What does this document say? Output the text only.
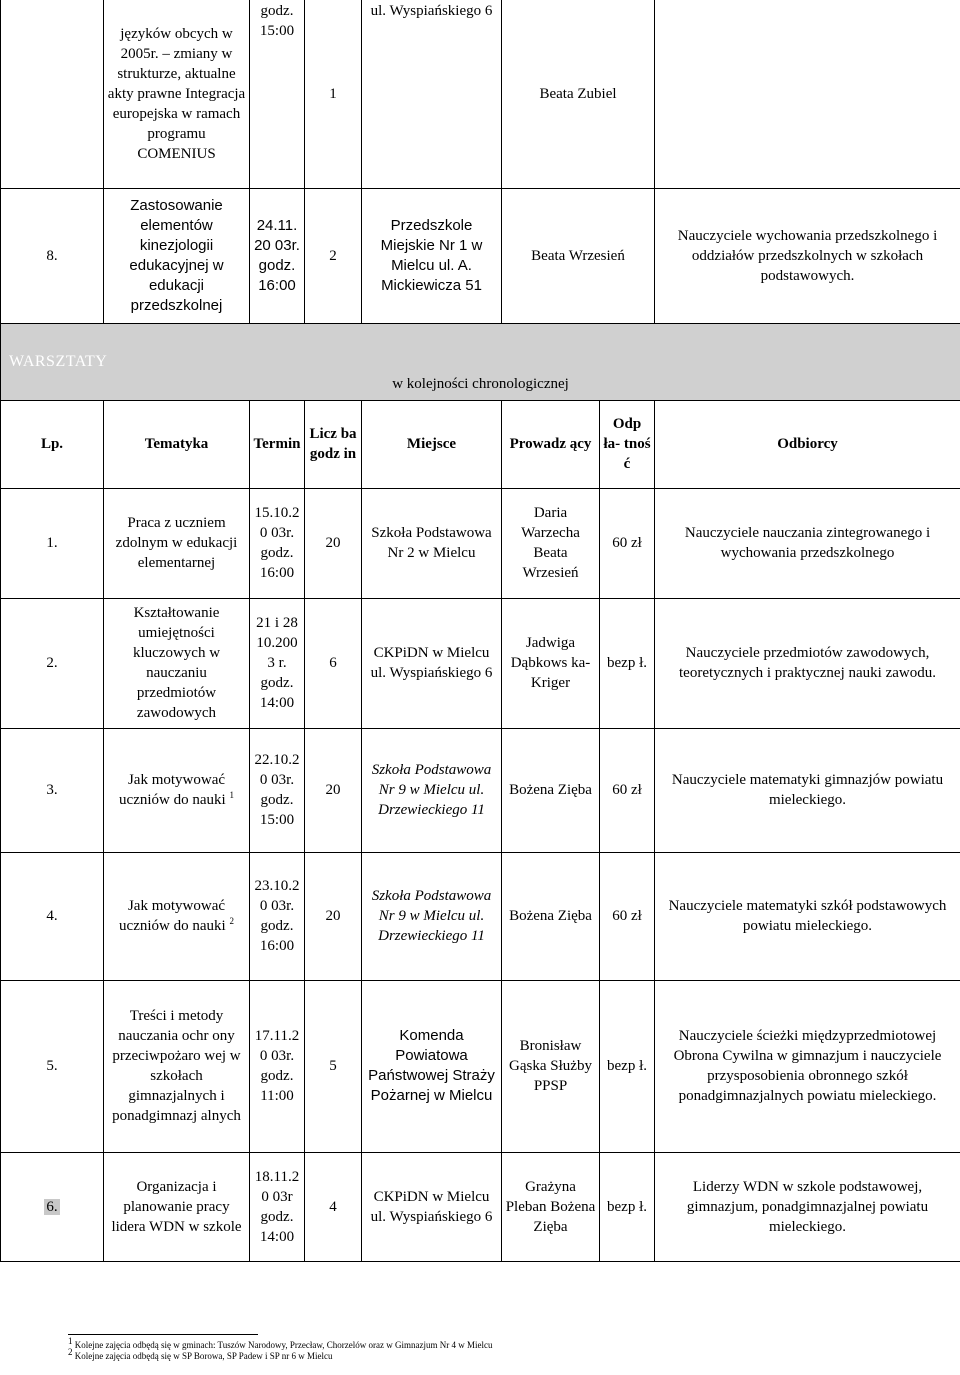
	języków obcych w 2005r. – zmiany w strukturze, aktualne akty prawne Integracja europejska w ramach programu COMENIUS	godz. 15:00	1	ul. Wyspiańskiego 6	Beata Zubiel		
8.	Zastosowanie elementów kinezjologii edukacyjnej w edukacji przedszkolnej	24.11.20 03r. godz. 16:00	2	Przedszkole Miejskie Nr 1 w Mielcu ul. A. Mickiewicza 51	Beata Wrzesień		Nauczyciele wychowania przedszkolnego i oddziałów przedszkolnych w szkołach podstawowych.

WARSZTATY
w kolejności chronologicznej							

Lp.	Tematyka	Termin	Licz ba godz in	Miejsce	Prowadz ący	Odp ła- tnoś ć	Odbiorcy
1.	Praca z uczniem zdolnym w edukacji elementarnej	15.10.20 03r. godz. 16:00	20	Szkoła Podstawowa Nr 2 w Mielcu	Daria Warzecha Beata Wrzesień	60 zł	Nauczyciele nauczania zintegrowanego i wychowania przedszkolnego
2.	Kształtowanie umiejętności kluczowych w nauczaniu przedmiotów zawodowych	21 i 28 10.2003 r. godz. 14:00	6	CKPiDN w Mielcu ul. Wyspiańskiego 6	Jadwiga Dąbkows ka-Kriger	bezp ł.	Nauczyciele przedmiotów zawodowych, teoretycznych i praktycznej nauki zawodu.
3.	Jak motywować uczniów do nauki $^1$	22.10.20 03r. godz. 15:00	20	Szkoła Podstawowa Nr 9 w Mielcu ul. Drzewieckiego 11	Bożena Zięba	60 zł	Nauczyciele matematyki gimnazjów powiatu mieleckiego.
4.	Jak motywować uczniów do nauki $^2$	23.10.20 03r. godz. 16:00	20	Szkoła Podstawowa Nr 9 w Mielcu ul. Drzewieckiego 11	Bożena Zięba	60 zł	Nauczyciele matematyki szkół podstawowych powiatu mieleckiego.
5.	Treści i metody nauczania ochr ony przeciwpożaro wej w szkołach gimnazjalnych i ponadgimnazj alnych	17.11.20 03r. godz. 11:00	5	Komenda Powiatowa Państwowej Straży Pożarnej w Mielcu	Bronisław Gąska Służby PPSP	bezp ł.	Nauczyciele ścieżki międzyprzedmiotowej Obrona Cywilna w gimnazjum i nauczyciele przysposobienia obronnego szkół ponadgimnazjalnych powiatu mieleckiego.
6.	Organizacja i planowanie pracy lidera WDN w szkole	18.11.20 03r godz. 14:00	4	CKPiDN w Mielcu ul. Wyspiańskiego 6	Grażyna Pleban Bożena Zięba	bezp ł.	Liderzy WDN w szkole podstawowej, gimnazjum, ponadgimnazjalnej powiatu mieleckiego.
$^1$ Kolejne zajęcia odbędą się w gminach: Tuszów Narodowy, Przecław, Chorzelów oraz w Gimnazjum Nr 4 w Mielcu
$^2$ Kolejne zajęcia odbędą się w SP Borowa, SP Padew i SP nr 6 w Mielcu
